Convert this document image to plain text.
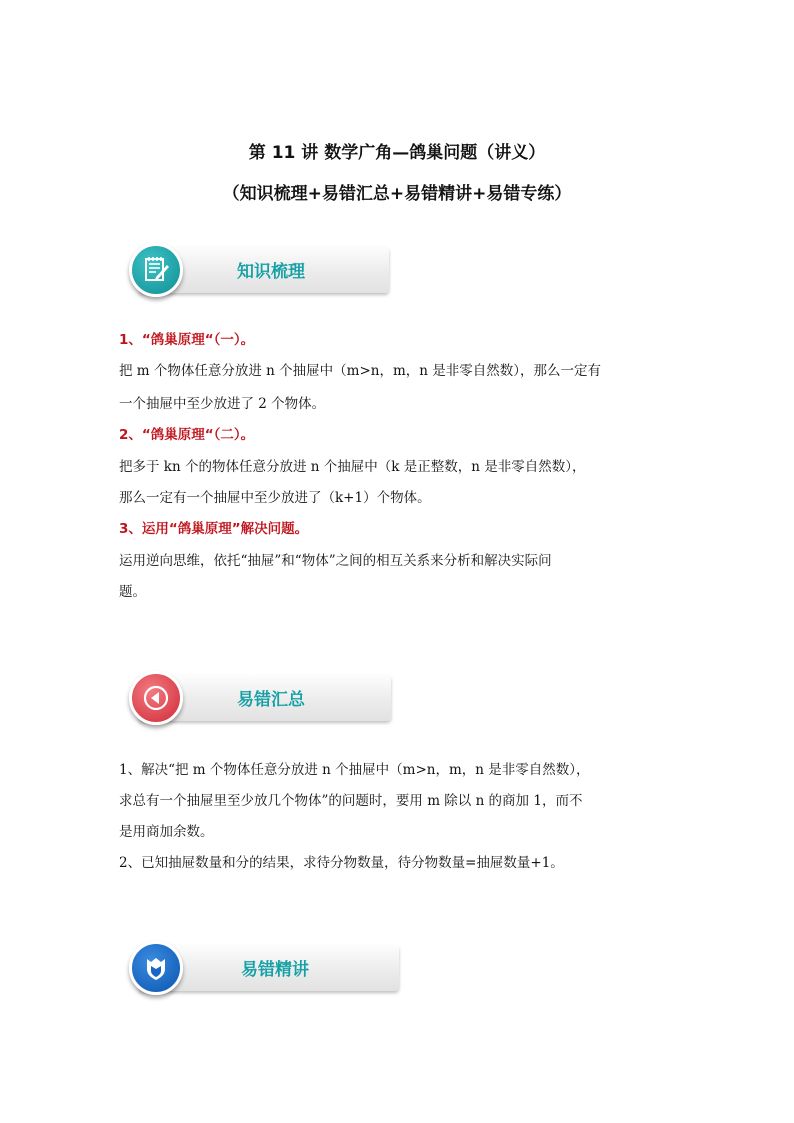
第 11 讲 数学广角—鸽巢问题（讲义）
（知识梳理+易错汇总+易错精讲+易错专练）
知识梳理
1、“鸽巢原理“（一）。
把 m 个物体任意分放进 n 个抽屉中（m>n，m，n 是非零自然数），那么一定有
一个抽屉中至少放进了 2 个物体。
2、“鸽巢原理“（二）。
把多于 kn 个的物体任意分放进 n 个抽屉中（k 是正整数，n 是非零自然数），
那么一定有一个抽屉中至少放进了（k+1）个物体。
3、运用“鸽巢原理”解决问题。
运用逆向思维，依托“抽屉”和“物体”之间的相互关系来分析和解决实际问
题。
易错汇总
1、解决“把 m 个物体任意分放进 n 个抽屉中（m>n，m，n 是非零自然数），
求总有一个抽屉里至少放几个物体”的问题时，要用 m 除以 n 的商加 1，而不
是用商加余数。
2、已知抽屉数量和分的结果，求待分物数量，待分物数量=抽屉数量+1。
易错精讲
